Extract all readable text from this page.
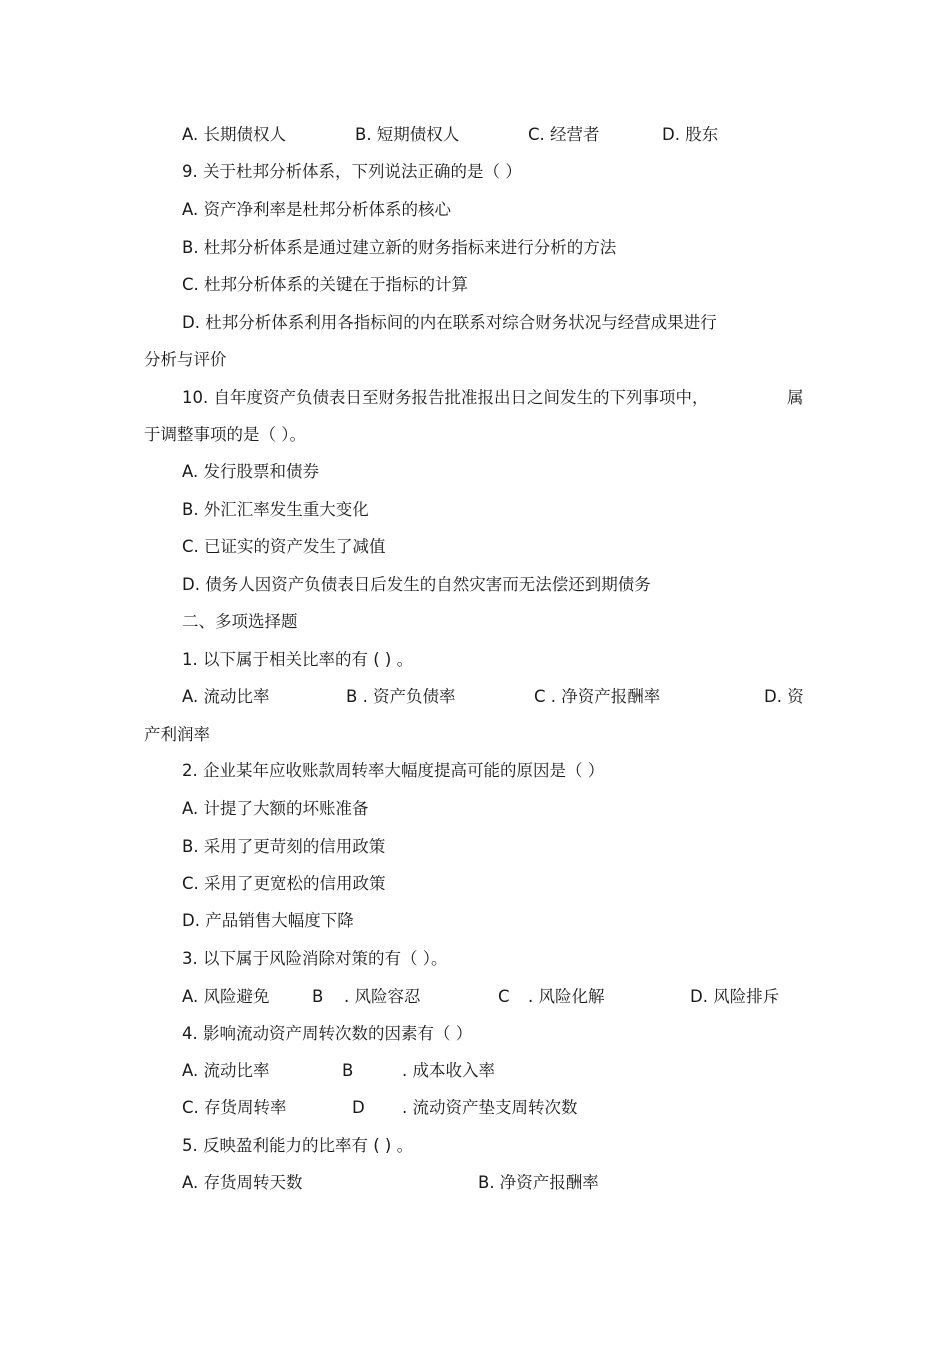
A. 长期债权人	B. 短期债权人	C. 经营者	D. 股东
9. 关于杜邦分析体系，下列说法正确的是（ ）
A. 资产净利率是杜邦分析体系的核心
B. 杜邦分析体系是通过建立新的财务指标来进行分析的方法
C. 杜邦分析体系的关键在于指标的计算
D. 杜邦分析体系利用各指标间的内在联系对综合财务状况与经营成果进行
分析与评价
10. 自年度资产负债表日至财务报告批准报出日之间发生的下列事项中，	属
于调整事项的是（ ）。
A. 发行股票和债券
B. 外汇汇率发生重大变化
C. 已证实的资产发生了减值
D. 债务人因资产负债表日后发生的自然灾害而无法偿还到期债务
二、多项选择题
1. 以下属于相关比率的有 ( ) 。
A. 流动比率	B . 资产负债率	C . 净资产报酬率	D. 资
产利润率
2. 企业某年应收账款周转率大幅度提高可能的原因是（ ）
A. 计提了大额的坏账准备
B. 采用了更苛刻的信用政策
C. 采用了更宽松的信用政策
D. 产品销售大幅度下降
3. 以下属于风险消除对策的有（ ）。
A. 风险避免	B . 风险容忍	C . 风险化解	D. 风险排斥
4. 影响流动资产周转次数的因素有（ ）
A. 流动比率	B	. 成本收入率
C. 存货周转率	D . 流动资产垫支周转次数
5. 反映盈利能力的比率有 ( ) 。
A. 存货周转天数	B. 净资产报酬率
